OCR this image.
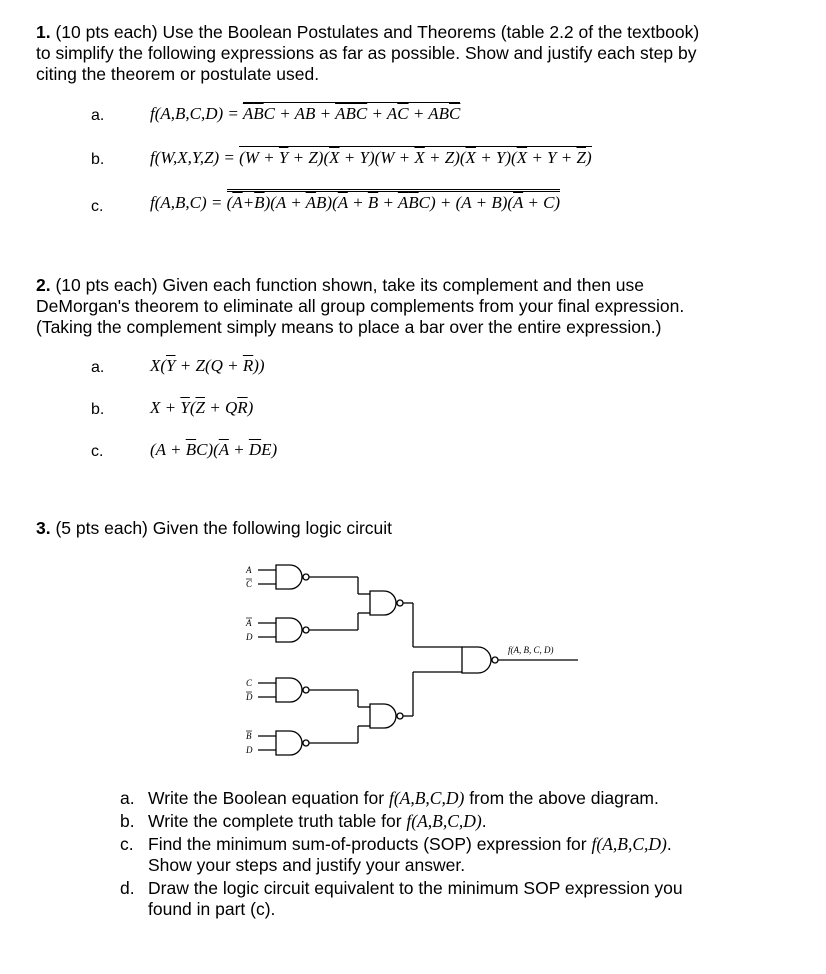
1. (10 pts each) Use the Boolean Postulates and Theorems (table 2.2 of the textbook)
to simplify the following expressions as far as possible. Show and justify each step by
citing the theorem or postulate used.
a.	$f(A,B,C,D) = \overline{A}\overline{B}C$ + AB + $\overline{ABC} + A\overline{C} + AB\overline{C}$
b.	$f(W,X,Y,Z) = (W + \overline{Y} + Z)(\overline{X} + Y)(W + \overline{X} + Z)(\overline{X} + Y)(\overline{X} + Y + \overline{Z})$
c.	$f(A,B,C) = (\overline{A}+\overline{B})(A + \overline{A}B)(\overline{A} + \overline{B} + \overline{A}\overline{B}C) + (A + B)(\overline{A} + C)$
2. (10 pts each) Given each function shown, take its complement and then use
DeMorgan's theorem to eliminate all group complements from your final expression.
(Taking the complement simply means to place a bar over the entire expression.)
a.	$X(\overline{Y} + Z(Q + \overline{R}))$
b.	$X + \overline{Y}(\overline{Z} + Q\overline{R})$
c.	$(A + \overline{B}C)(\overline{A} + \overline{D}E)$
3. (5 pts each) Given the following logic circuit
A
C
A
D
C
D
B
D
f(A, B, C, D)
a. Write the Boolean equation for f(A,B,C,D) from the above diagram.
b. Write the complete truth table for f(A,B,C,D).
c. Find the minimum sum-of-products (SOP) expression for f(A,B,C,D).
Show your steps and justify your answer.
d. Draw the logic circuit equivalent to the minimum SOP expression you
found in part (c).
